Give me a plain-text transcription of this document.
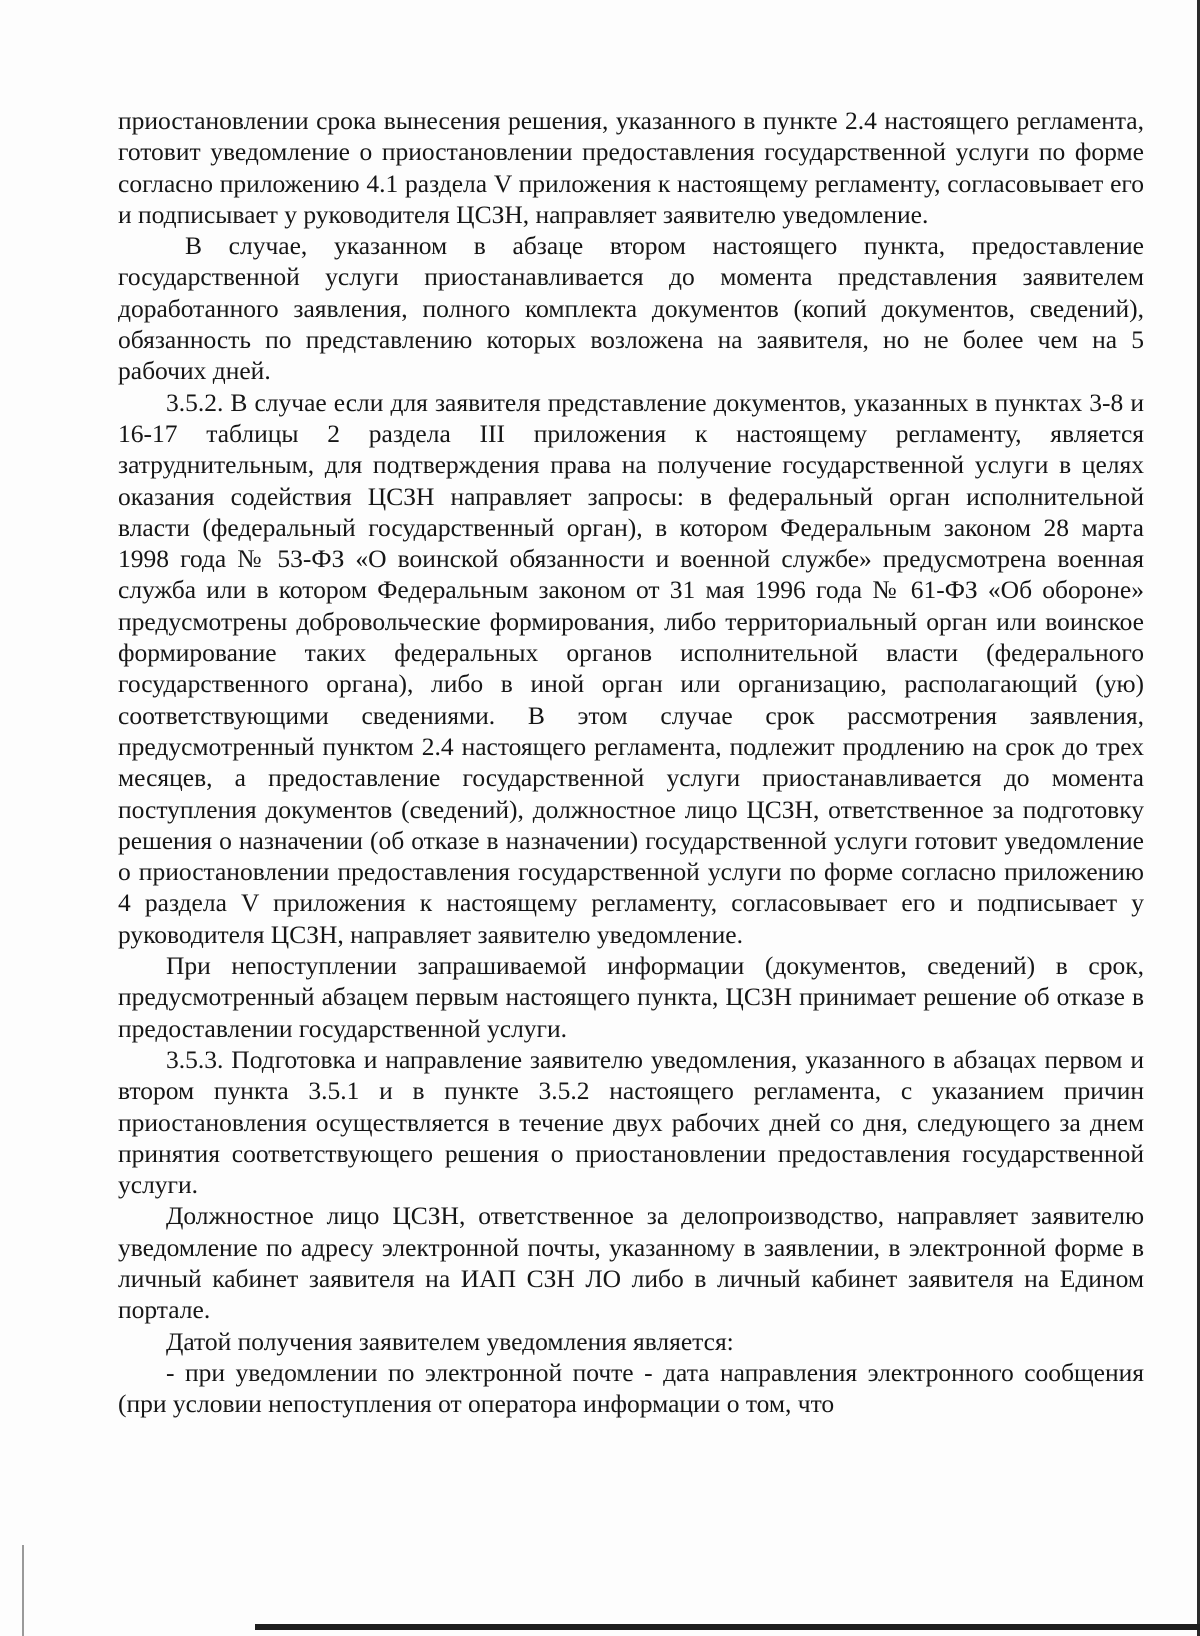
приостановлении срока вынесения решения, указанного в пункте 2.4 настоящего регламента, готовит уведомление о приостановлении предоставления государственной услуги по форме согласно приложению 4.1 раздела V приложения к настоящему регламенту, согласовывает его и подписывает у руководителя ЦСЗН, направляет заявителю уведомление.

В случае, указанном в абзаце втором настоящего пункта, предоставление государственной услуги приостанавливается до момента представления заявителем доработанного заявления, полного комплекта документов (копий документов, сведений), обязанность по представлению которых возложена на заявителя, но не более чем на 5 рабочих дней.

3.5.2. В случае если для заявителя представление документов, указанных в пунктах 3-8 и 16-17 таблицы 2 раздела III приложения к настоящему регламенту, является затруднительным, для подтверждения права на получение государственной услуги в целях оказания содействия ЦСЗН направляет запросы: в федеральный орган исполнительной власти (федеральный государственный орган), в котором Федеральным законом 28 марта 1998 года № 53-ФЗ «О воинской обязанности и военной службе» предусмотрена военная служба или в котором Федеральным законом от 31 мая 1996 года № 61-ФЗ «Об обороне» предусмотрены добровольческие формирования, либо территориальный орган или воинское формирование таких федеральных органов исполнительной власти (федерального государственного органа), либо в иной орган или организацию, располагающий (ую) соответствующими сведениями. В этом случае срок рассмотрения заявления, предусмотренный пунктом 2.4 настоящего регламента, подлежит продлению на срок до трех месяцев, а предоставление государственной услуги приостанавливается до момента поступления документов (сведений), должностное лицо ЦСЗН, ответственное за подготовку решения о назначении (об отказе в назначении) государственной услуги готовит уведомление о приостановлении предоставления государственной услуги по форме согласно приложению 4 раздела V приложения к настоящему регламенту, согласовывает его и подписывает у руководителя ЦСЗН, направляет заявителю уведомление.

При непоступлении запрашиваемой информации (документов, сведений) в срок, предусмотренный абзацем первым настоящего пункта, ЦСЗН принимает решение об отказе в предоставлении государственной услуги.

3.5.3. Подготовка и направление заявителю уведомления, указанного в абзацах первом и втором пункта 3.5.1 и в пункте 3.5.2 настоящего регламента, с указанием причин приостановления осуществляется в течение двух рабочих дней со дня, следующего за днем принятия соответствующего решения о приостановлении предоставления государственной услуги.

Должностное лицо ЦСЗН, ответственное за делопроизводство, направляет заявителю уведомление по адресу электронной почты, указанному в заявлении, в электронной форме в личный кабинет заявителя на ИАП СЗН ЛО либо в личный кабинет заявителя на Едином портале.

Датой получения заявителем уведомления является:

- при уведомлении по электронной почте - дата направления электронного сообщения (при условии непоступления от оператора информации о том, что
